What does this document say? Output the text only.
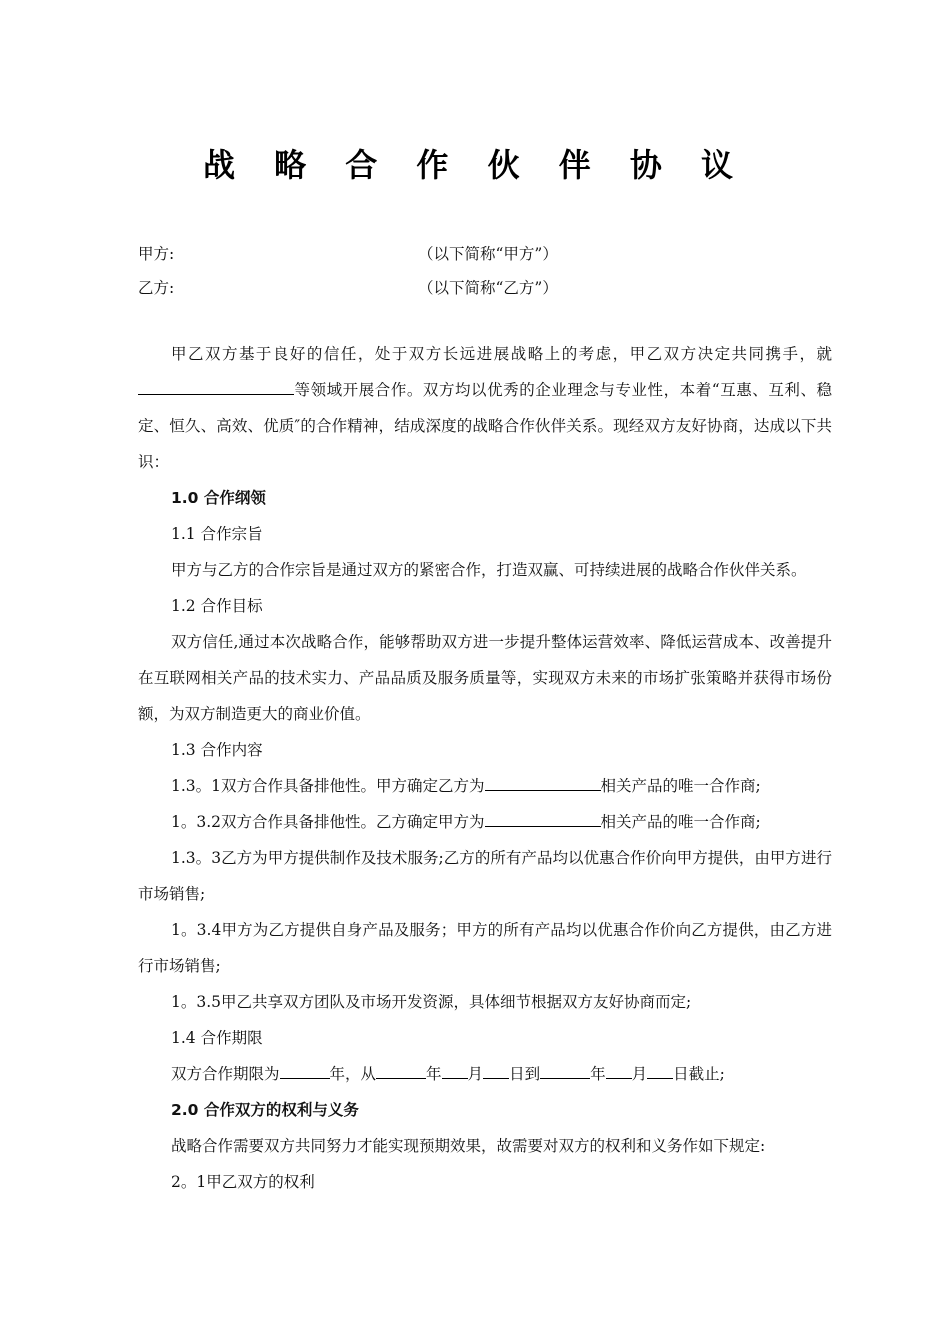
战 略 合 作 伙 伴 协 议
甲方:	（以下简称“甲方”）
乙方:	（以下简称“乙方”）

甲乙双方基于良好的信任，处于双方长远进展战略上的考虑，甲乙双方决定共同携手，就等领域开展合作。双方均以优秀的企业理念与专业性，本着“互惠、互利、稳定、恒久、高效、优质″的合作精神，结成深度的战略合作伙伴关系。现经双方友好协商，达成以下共识：

1.0 合作纲领

1.1 合作宗旨

甲方与乙方的合作宗旨是通过双方的紧密合作，打造双赢、可持续进展的战略合作伙伴关系。

1.2 合作目标

双方信任,通过本次战略合作，能够帮助双方进一步提升整体运营效率、降低运营成本、改善提升在互联网相关产品的技术实力、产品品质及服务质量等，实现双方未来的市场扩张策略并获得市场份额，为双方制造更大的商业价值。

1.3 合作内容

1.3。1双方合作具备排他性。甲方确定乙方为	相关产品的唯一合作商;

1。3.2双方合作具备排他性。乙方确定甲方为	相关产品的唯一合作商;

1.3。3乙方为甲方提供制作及技术服务;乙方的所有产品均以优惠合作价向甲方提供，由甲方进行市场销售;

1。3.4甲方为乙方提供自身产品及服务；甲方的所有产品均以优惠合作价向乙方提供，由乙方进行市场销售;

1。3.5甲乙共享双方团队及市场开发资源，具体细节根据双方友好协商而定;

1.4 合作期限

双方合作期限为	年，从	年 月 日到	年 月 日截止;

2.0 合作双方的权利与义务

战略合作需要双方共同努力才能实现预期效果，故需要对双方的权利和义务作如下规定:

2。1甲乙双方的权利
